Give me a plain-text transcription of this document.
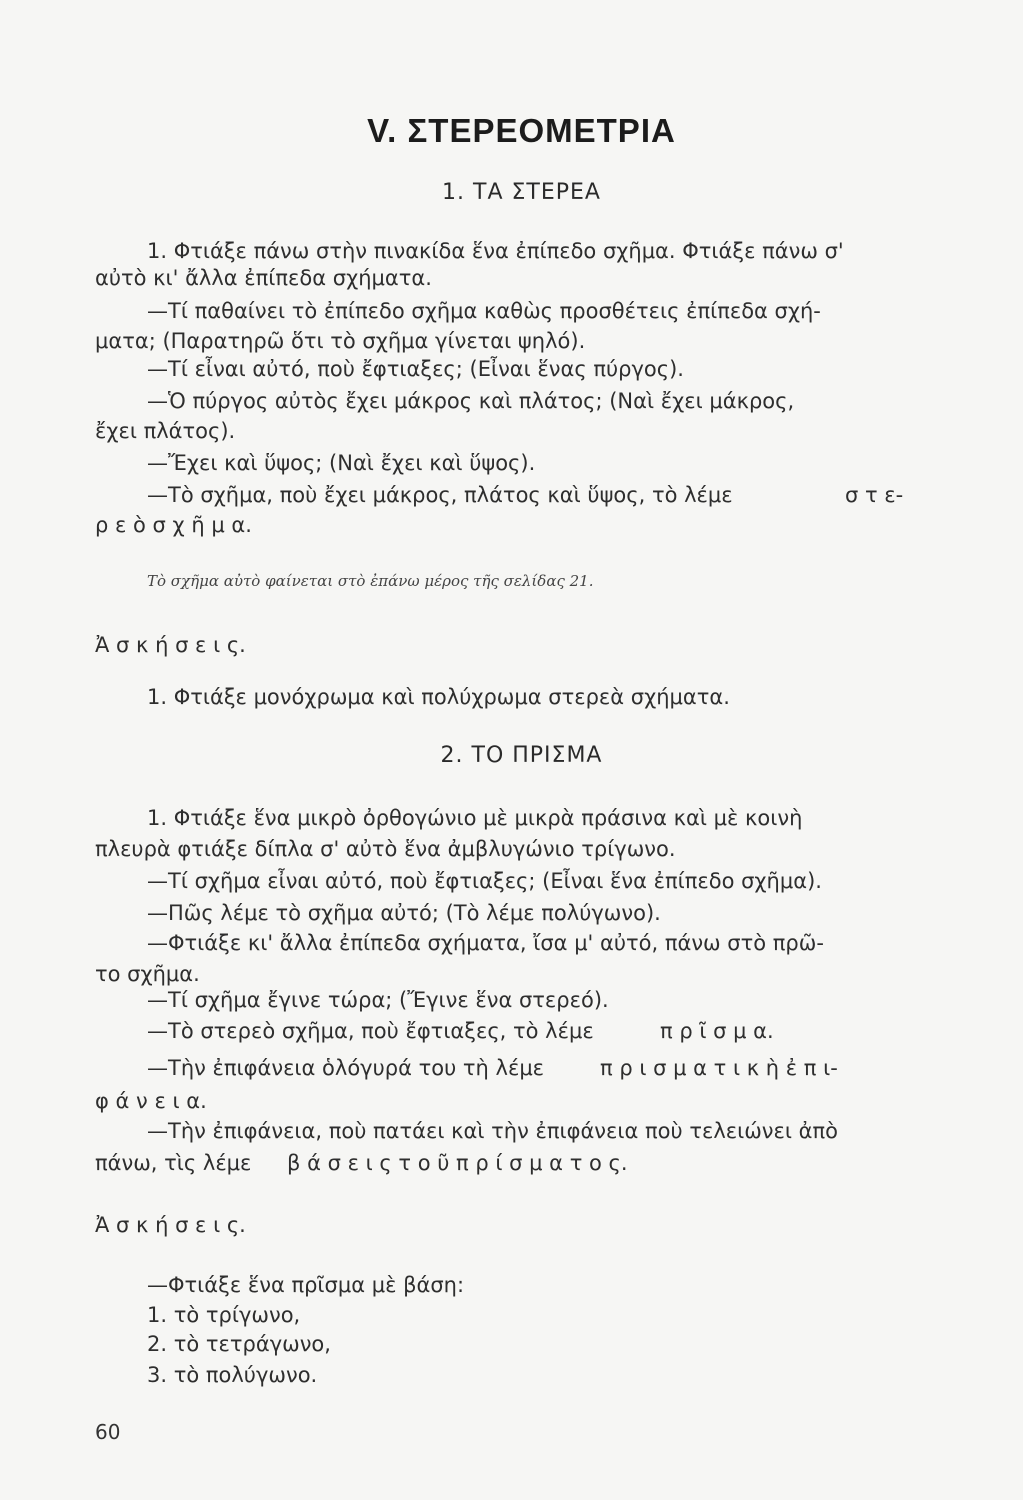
V. ΣΤΕΡΕΟΜΕΤΡΙΑ
1. ΤΑ ΣΤΕΡΕΑ
1. Φτιάξε πάνω στὴν πινακίδα ἕνα ἐπίπεδο σχῆμα. Φτιάξε πάνω σ'
αὐτὸ κι' ἄλλα ἐπίπεδα σχήματα.
—Τί παθαίνει τὸ ἐπίπεδο σχῆμα καθὼς προσθέτεις ἐπίπεδα σχή-
ματα; (Παρατηρῶ ὅτι τὸ σχῆμα γίνεται ψηλό).
—Τί εἶναι αὐτό, ποὺ ἔφτιαξες; (Εἶναι ἕνας πύργος).
—Ὁ πύργος αὐτὸς ἔχει μάκρος καὶ πλάτος; (Ναὶ ἔχει μάκρος,
ἔχει πλάτος).
—Ἔχει καὶ ὕψος; (Ναὶ ἔχει καὶ ὕψος).
—Τὸ σχῆμα, ποὺ ἔχει μάκρος, πλάτος καὶ ὕψος, τὸ λέμε	σ τ ε-
ρ ε ὸ σ χ ῆ μ α.
Τὸ σχῆμα αὐτὸ φαίνεται στὸ ἐπάνω μέρος τῆς σελίδας 21.
Ἀ σ κ ή σ ε ι ς.
1. Φτιάξε μονόχρωμα καὶ πολύχρωμα στερεὰ σχήματα.
2. ΤΟ ΠΡΙΣΜΑ
1. Φτιάξε ἕνα μικρὸ ὀρθογώνιο μὲ μικρὰ πράσινα καὶ μὲ κοινὴ
πλευρὰ φτιάξε δίπλα σ' αὐτὸ ἕνα ἀμβλυγώνιο τρίγωνο.
—Τί σχῆμα εἶναι αὐτό, ποὺ ἔφτιαξες; (Εἶναι ἕνα ἐπίπεδο σχῆμα).
—Πῶς λέμε τὸ σχῆμα αὐτό; (Τὸ λέμε πολύγωνο).
—Φτιάξε κι' ἄλλα ἐπίπεδα σχήματα, ἴσα μ' αὐτό, πάνω στὸ πρῶ-
το σχῆμα.
—Τί σχῆμα ἔγινε τώρα; (Ἔγινε ἕνα στερεό).
—Τὸ στερεὸ σχῆμα, ποὺ ἔφτιαξες, τὸ λέμε	π ρ ῖ σ μ α.
—Τὴν ἐπιφάνεια ὁλόγυρά του τὴ λέμε	π ρ ι σ μ α τ ι κ ὴ ἐ π ι-
φ ά ν ε ι α.
—Τὴν ἐπιφάνεια, ποὺ πατάει καὶ τὴν ἐπιφάνεια ποὺ τελειώνει ἀπὸ
πάνω, τὶς λέμε β ά σ ε ι ς τ ο ῦ π ρ ί σ μ α τ ο ς.
Ἀ σ κ ή σ ε ι ς.
—Φτιάξε ἕνα πρῖσμα μὲ βάση:
1. τὸ τρίγωνο,
2. τὸ τετράγωνο,
3. τὸ πολύγωνο.
60
